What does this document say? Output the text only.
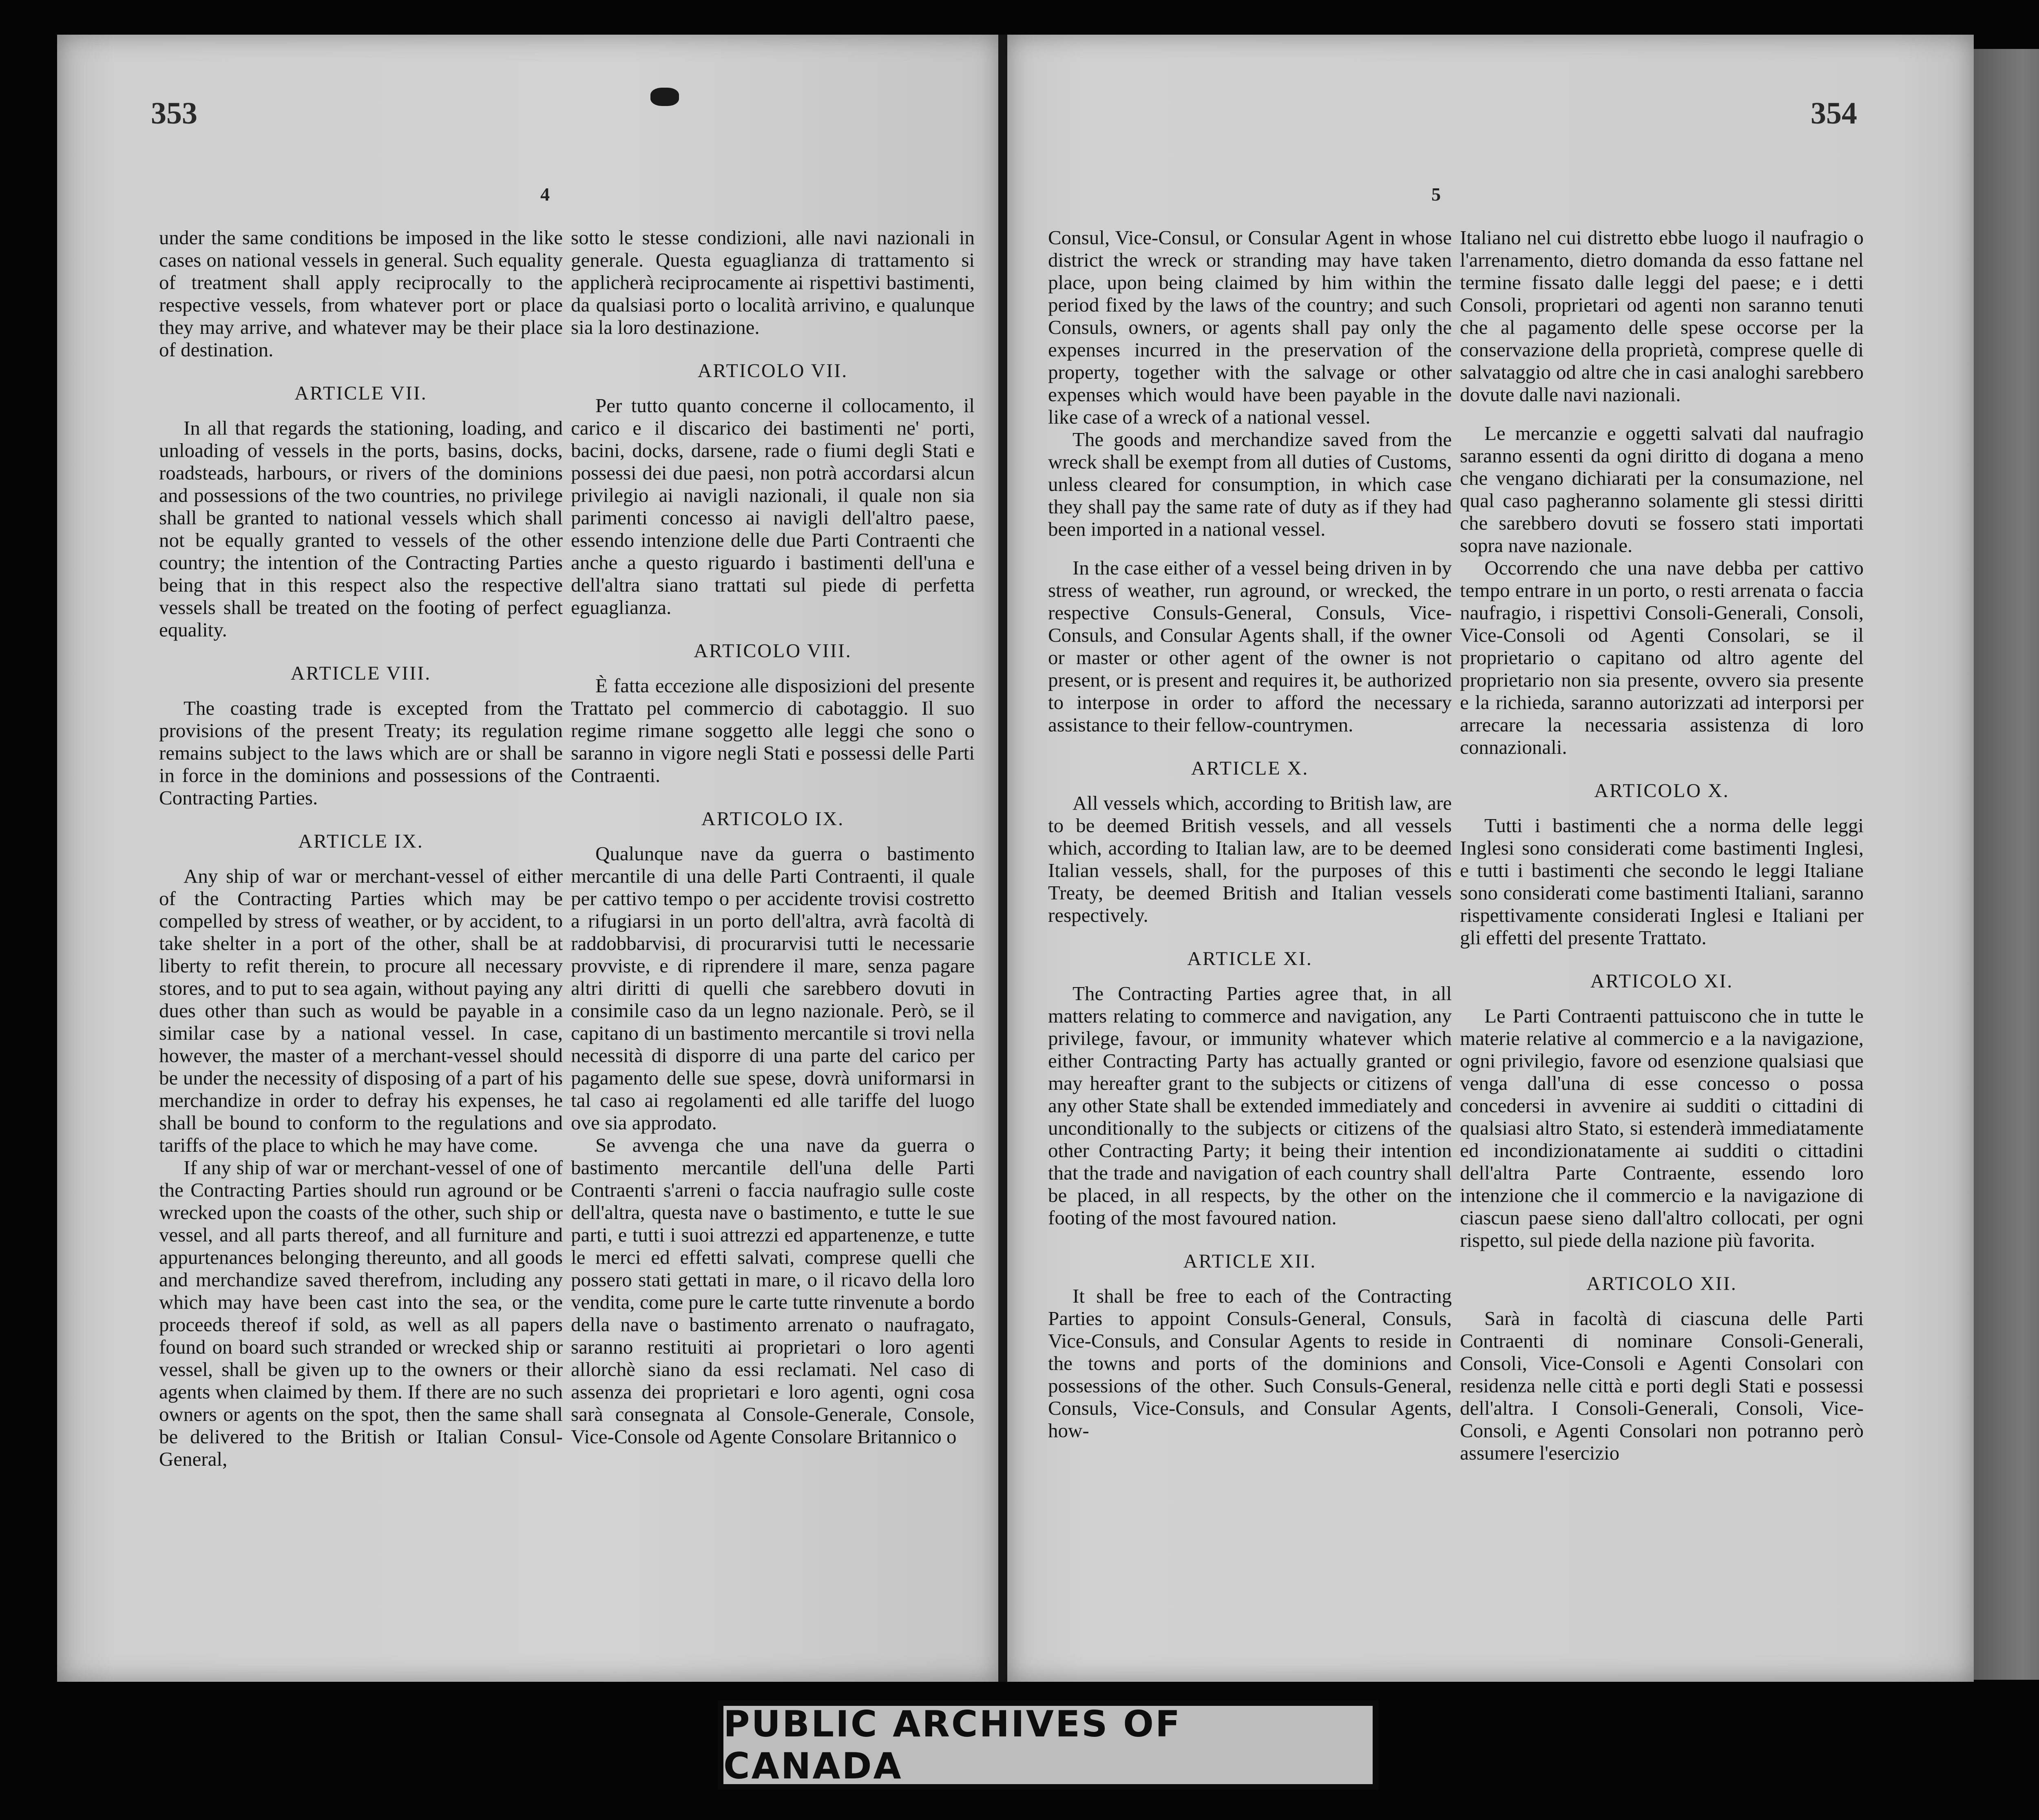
353
4

under the same conditions be imposed in the like cases on national vessels in general. Such equality of treatment shall apply reciprocally to the respective vessels, from whatever port or place they may arrive, and whatever may be their place of destination.

ARTICLE VII.

In all that regards the stationing, loading, and unloading of vessels in the ports, basins, docks, roadsteads, harbours, or rivers of the dominions and possessions of the two countries, no privilege shall be granted to national vessels which shall not be equally granted to vessels of the other country; the intention of the Contracting Parties being that in this respect also the respective vessels shall be treated on the footing of perfect equality.

ARTICLE VIII.

The coasting trade is excepted from the provisions of the present Treaty; its regulation remains subject to the laws which are or shall be in force in the dominions and possessions of the Contracting Parties.

ARTICLE IX.

Any ship of war or merchant-vessel of either of the Contracting Parties which may be compelled by stress of weather, or by accident, to take shelter in a port of the other, shall be at liberty to refit therein, to procure all necessary stores, and to put to sea again, without paying any dues other than such as would be payable in a similar case by a national vessel. In case, however, the master of a merchant-vessel should be under the necessity of disposing of a part of his merchandize in order to defray his expenses, he shall be bound to conform to the regulations and tariffs of the place to which he may have come.

If any ship of war or merchant-vessel of one of the Contracting Parties should run aground or be wrecked upon the coasts of the other, such ship or vessel, and all parts thereof, and all furniture and appurtenances belonging thereunto, and all goods and merchandize saved therefrom, including any which may have been cast into the sea, or the proceeds thereof if sold, as well as all papers found on board such stranded or wrecked ship or vessel, shall be given up to the owners or their agents when claimed by them. If there are no such owners or agents on the spot, then the same shall be delivered to the British or Italian Consul-General,

sotto le stesse condizioni, alle navi nazionali in generale. Questa eguaglianza di trattamento si applicherà reciprocamente ai rispettivi bastimenti, da qualsiasi porto o località arrivino, e qualunque sia la loro destinazione.

ARTICOLO VII.

Per tutto quanto concerne il collocamento, il carico e il discarico dei bastimenti ne' porti, bacini, docks, darsene, rade o fiumi degli Stati e possessi dei due paesi, non potrà accordarsi alcun privilegio ai navigli nazionali, il quale non sia parimenti concesso ai navigli dell'altro paese, essendo intenzione delle due Parti Contraenti che anche a questo riguardo i bastimenti dell'una e dell'altra siano trattati sul piede di perfetta eguaglianza.

ARTICOLO VIII.

È fatta eccezione alle disposizioni del presente Trattato pel commercio di cabotaggio. Il suo regime rimane soggetto alle leggi che sono o saranno in vigore negli Stati e possessi delle Parti Contraenti.

ARTICOLO IX.

Qualunque nave da guerra o bastimento mercantile di una delle Parti Contraenti, il quale per cattivo tempo o per accidente trovisi costretto a rifugiarsi in un porto dell'altra, avrà facoltà di raddobbarvisi, di procurarvisi tutti le necessarie provviste, e di riprendere il mare, senza pagare altri diritti di quelli che sarebbero dovuti in consimile caso da un legno nazionale. Però, se il capitano di un bastimento mercantile si trovi nella necessità di disporre di una parte del carico per pagamento delle sue spese, dovrà uniformarsi in tal caso ai regolamenti ed alle tariffe del luogo ove sia approdato.

Se avvenga che una nave da guerra o bastimento mercantile dell'una delle Parti Contraenti s'arreni o faccia naufragio sulle coste dell'altra, questa nave o bastimento, e tutte le sue parti, e tutti i suoi attrezzi ed appartenenze, e tutte le merci ed effetti salvati, comprese quelli che possero stati gettati in mare, o il ricavo della loro vendita, come pure le carte tutte rinvenute a bordo della nave o bastimento arrenato o naufragato, saranno restituiti ai proprietari o loro agenti allorchè siano da essi reclamati. Nel caso di assenza dei proprietari e loro agenti, ogni cosa sarà consegnata al Console-Generale, Console, Vice-Console od Agente Consolare Britannico o

354
5

Consul, Vice-Consul, or Consular Agent in whose district the wreck or stranding may have taken place, upon being claimed by him within the period fixed by the laws of the country; and such Consuls, owners, or agents shall pay only the expenses incurred in the preservation of the property, together with the salvage or other expenses which would have been payable in the like case of a wreck of a national vessel.

The goods and merchandize saved from the wreck shall be exempt from all duties of Customs, unless cleared for consumption, in which case they shall pay the same rate of duty as if they had been imported in a national vessel.

In the case either of a vessel being driven in by stress of weather, run aground, or wrecked, the respective Consuls-General, Consuls, Vice-Consuls, and Consular Agents shall, if the owner or master or other agent of the owner is not present, or is present and requires it, be authorized to interpose in order to afford the necessary assistance to their fellow-countrymen.

ARTICLE X.

All vessels which, according to British law, are to be deemed British vessels, and all vessels which, according to Italian law, are to be deemed Italian vessels, shall, for the purposes of this Treaty, be deemed British and Italian vessels respectively.

ARTICLE XI.

The Contracting Parties agree that, in all matters relating to commerce and navigation, any privilege, favour, or immunity whatever which either Contracting Party has actually granted or may hereafter grant to the subjects or citizens of any other State shall be extended immediately and unconditionally to the subjects or citizens of the other Contracting Party; it being their intention that the trade and navigation of each country shall be placed, in all respects, by the other on the footing of the most favoured nation.

ARTICLE XII.

It shall be free to each of the Contracting Parties to appoint Consuls-General, Consuls, Vice-Consuls, and Consular Agents to reside in the towns and ports of the dominions and possessions of the other. Such Consuls-General, Consuls, Vice-Consuls, and Consular Agents, how-

Italiano nel cui distretto ebbe luogo il naufragio o l'arrenamento, dietro domanda da esso fattane nel termine fissato dalle leggi del paese; e i detti Consoli, proprietari od agenti non saranno tenuti che al pagamento delle spese occorse per la conservazione della proprietà, comprese quelle di salvataggio od altre che in casi analoghi sarebbero dovute dalle navi nazionali.

Le mercanzie e oggetti salvati dal naufragio saranno essenti da ogni diritto di dogana a meno che vengano dichiarati per la consumazione, nel qual caso pagheranno solamente gli stessi diritti che sarebbero dovuti se fossero stati importati sopra nave nazionale.

Occorrendo che una nave debba per cattivo tempo entrare in un porto, o resti arrenata o faccia naufragio, i rispettivi Consoli-Generali, Consoli, Vice-Consoli od Agenti Consolari, se il proprietario o capitano od altro agente del proprietario non sia presente, ovvero sia presente e la richieda, saranno autorizzati ad interporsi per arrecare la necessaria assistenza di loro connazionali.

ARTICOLO X.

Tutti i bastimenti che a norma delle leggi Inglesi sono considerati come bastimenti Inglesi, e tutti i bastimenti che secondo le leggi Italiane sono considerati come bastimenti Italiani, saranno rispettivamente considerati Inglesi e Italiani per gli effetti del presente Trattato.

ARTICOLO XI.

Le Parti Contraenti pattuiscono che in tutte le materie relative al commercio e a la navigazione, ogni privilegio, favore od esenzione qualsiasi que venga dall'una di esse concesso o possa concedersi in avvenire ai sudditi o cittadini di qualsiasi altro Stato, si estenderà immediatamente ed incondizionatamente ai sudditi o cittadini dell'altra Parte Contraente, essendo loro intenzione che il commercio e la navigazione di ciascun paese sieno dall'altro collocati, per ogni rispetto, sul piede della nazione più favorita.

ARTICOLO XII.

Sarà in facoltà di ciascuna delle Parti Contraenti di nominare Consoli-Generali, Consoli, Vice-Consoli e Agenti Consolari con residenza nelle città e porti degli Stati e possessi dell'altra. I Consoli-Generali, Consoli, Vice-Consoli, e Agenti Consolari non potranno però assumere l'esercizio

PUBLIC ARCHIVES OF CANADA
